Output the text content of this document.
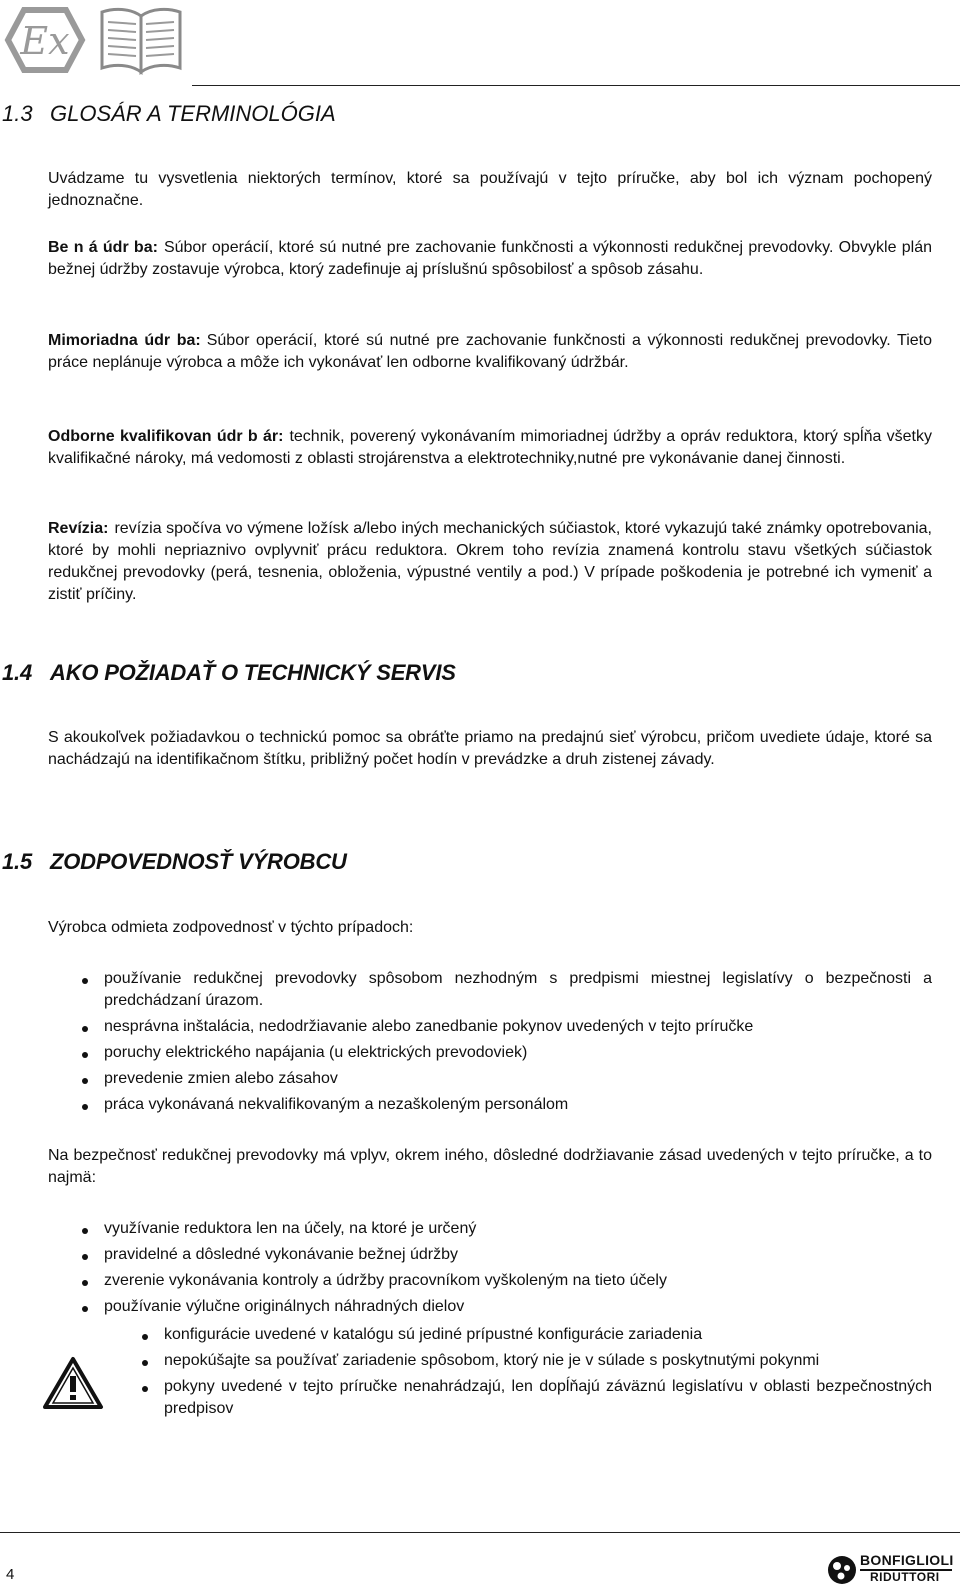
Ex
1.3 GLOSÁR A TERMINOLÓGIA

Uvádzame tu vysvetlenia niektorých termínov, ktoré sa používajú v tejto príručke, aby bol ich význam pochopený jednoznačne.

Be n á údr ba: Súbor operácií, ktoré sú nutné pre zachovanie funkčnosti a výkonnosti redukčnej prevodovky. Obvykle plán bežnej údržby zostavuje výrobca, ktorý zadefinuje aj príslušnú spôsobilosť a spôsob zásahu.

Mimoriadna údr ba: Súbor operácií, ktoré sú nutné pre zachovanie funkčnosti a výkonnosti redukčnej prevodovky. Tieto práce neplánuje výrobca a môže ich vykonávať len odborne kvalifikovaný údržbár.

Odborne kvalifikovan údr b ár: technik, poverený vykonávaním mimoriadnej údržby a opráv reduktora, ktorý spĺňa všetky kvalifikačné nároky, má vedomosti z oblasti strojárenstva a elektrotechniky,nutné pre vykonávanie danej činnosti.

Revízia: revízia spočíva vo výmene ložísk a/lebo iných mechanických súčiastok, ktoré vykazujú také známky opotrebovania, ktoré by mohli nepriaznivo ovplyvniť prácu reduktora. Okrem toho revízia znamená kontrolu stavu všetkých súčiastok redukčnej prevodovky (perá, tesnenia, obloženia, výpustné ventily a pod.) V prípade poškodenia je potrebné ich vymeniť a zistiť príčiny.

1.4 AKO POŽIADAŤ O TECHNICKÝ SERVIS

S akoukoľvek požiadavkou o technickú pomoc sa obráťte priamo na predajnú sieť výrobcu, pričom uvediete údaje, ktoré sa nachádzajú na identifikačnom štítku, približný počet hodín v prevádzke a druh zistenej závady.

1.5 ZODPOVEDNOSŤ VÝROBCU

Výrobca odmieta zodpovednosť v týchto prípadoch:

používanie redukčnej prevodovky spôsobom nezhodným s predpismi miestnej legislatívy o bezpečnosti a predchádzaní úrazom.
nesprávna inštalácia, nedodržiavanie alebo zanedbanie pokynov uvedených v tejto príručke
poruchy elektrického napájania (u elektrických prevodoviek)
prevedenie zmien alebo zásahov
práca vykonávaná nekvalifikovaným a nezaškoleným personálom

Na bezpečnosť redukčnej prevodovky má vplyv, okrem iného, dôsledné dodržiavanie zásad uvedených v tejto príručke, a to najmä:

využívanie reduktora len na účely, na ktoré je určený
pravidelné a dôsledné vykonávanie bežnej údržby
zverenie vykonávania kontroly a údržby pracovníkom vyškoleným na tieto účely
používanie výlučne originálnych náhradných dielov
konfigurácie uvedené v katalógu sú jediné prípustné konfigurácie zariadenia
nepokúšajte sa používať zariadenie spôsobom, ktorý nie je v súlade s poskytnutými pokynmi
pokyny uvedené v tejto príručke nenahrádzajú, len dopĺňajú záväznú legislatívu v oblasti bezpečnostných predpisov
4
BONFIGLIOLI
RIDUTTORI
